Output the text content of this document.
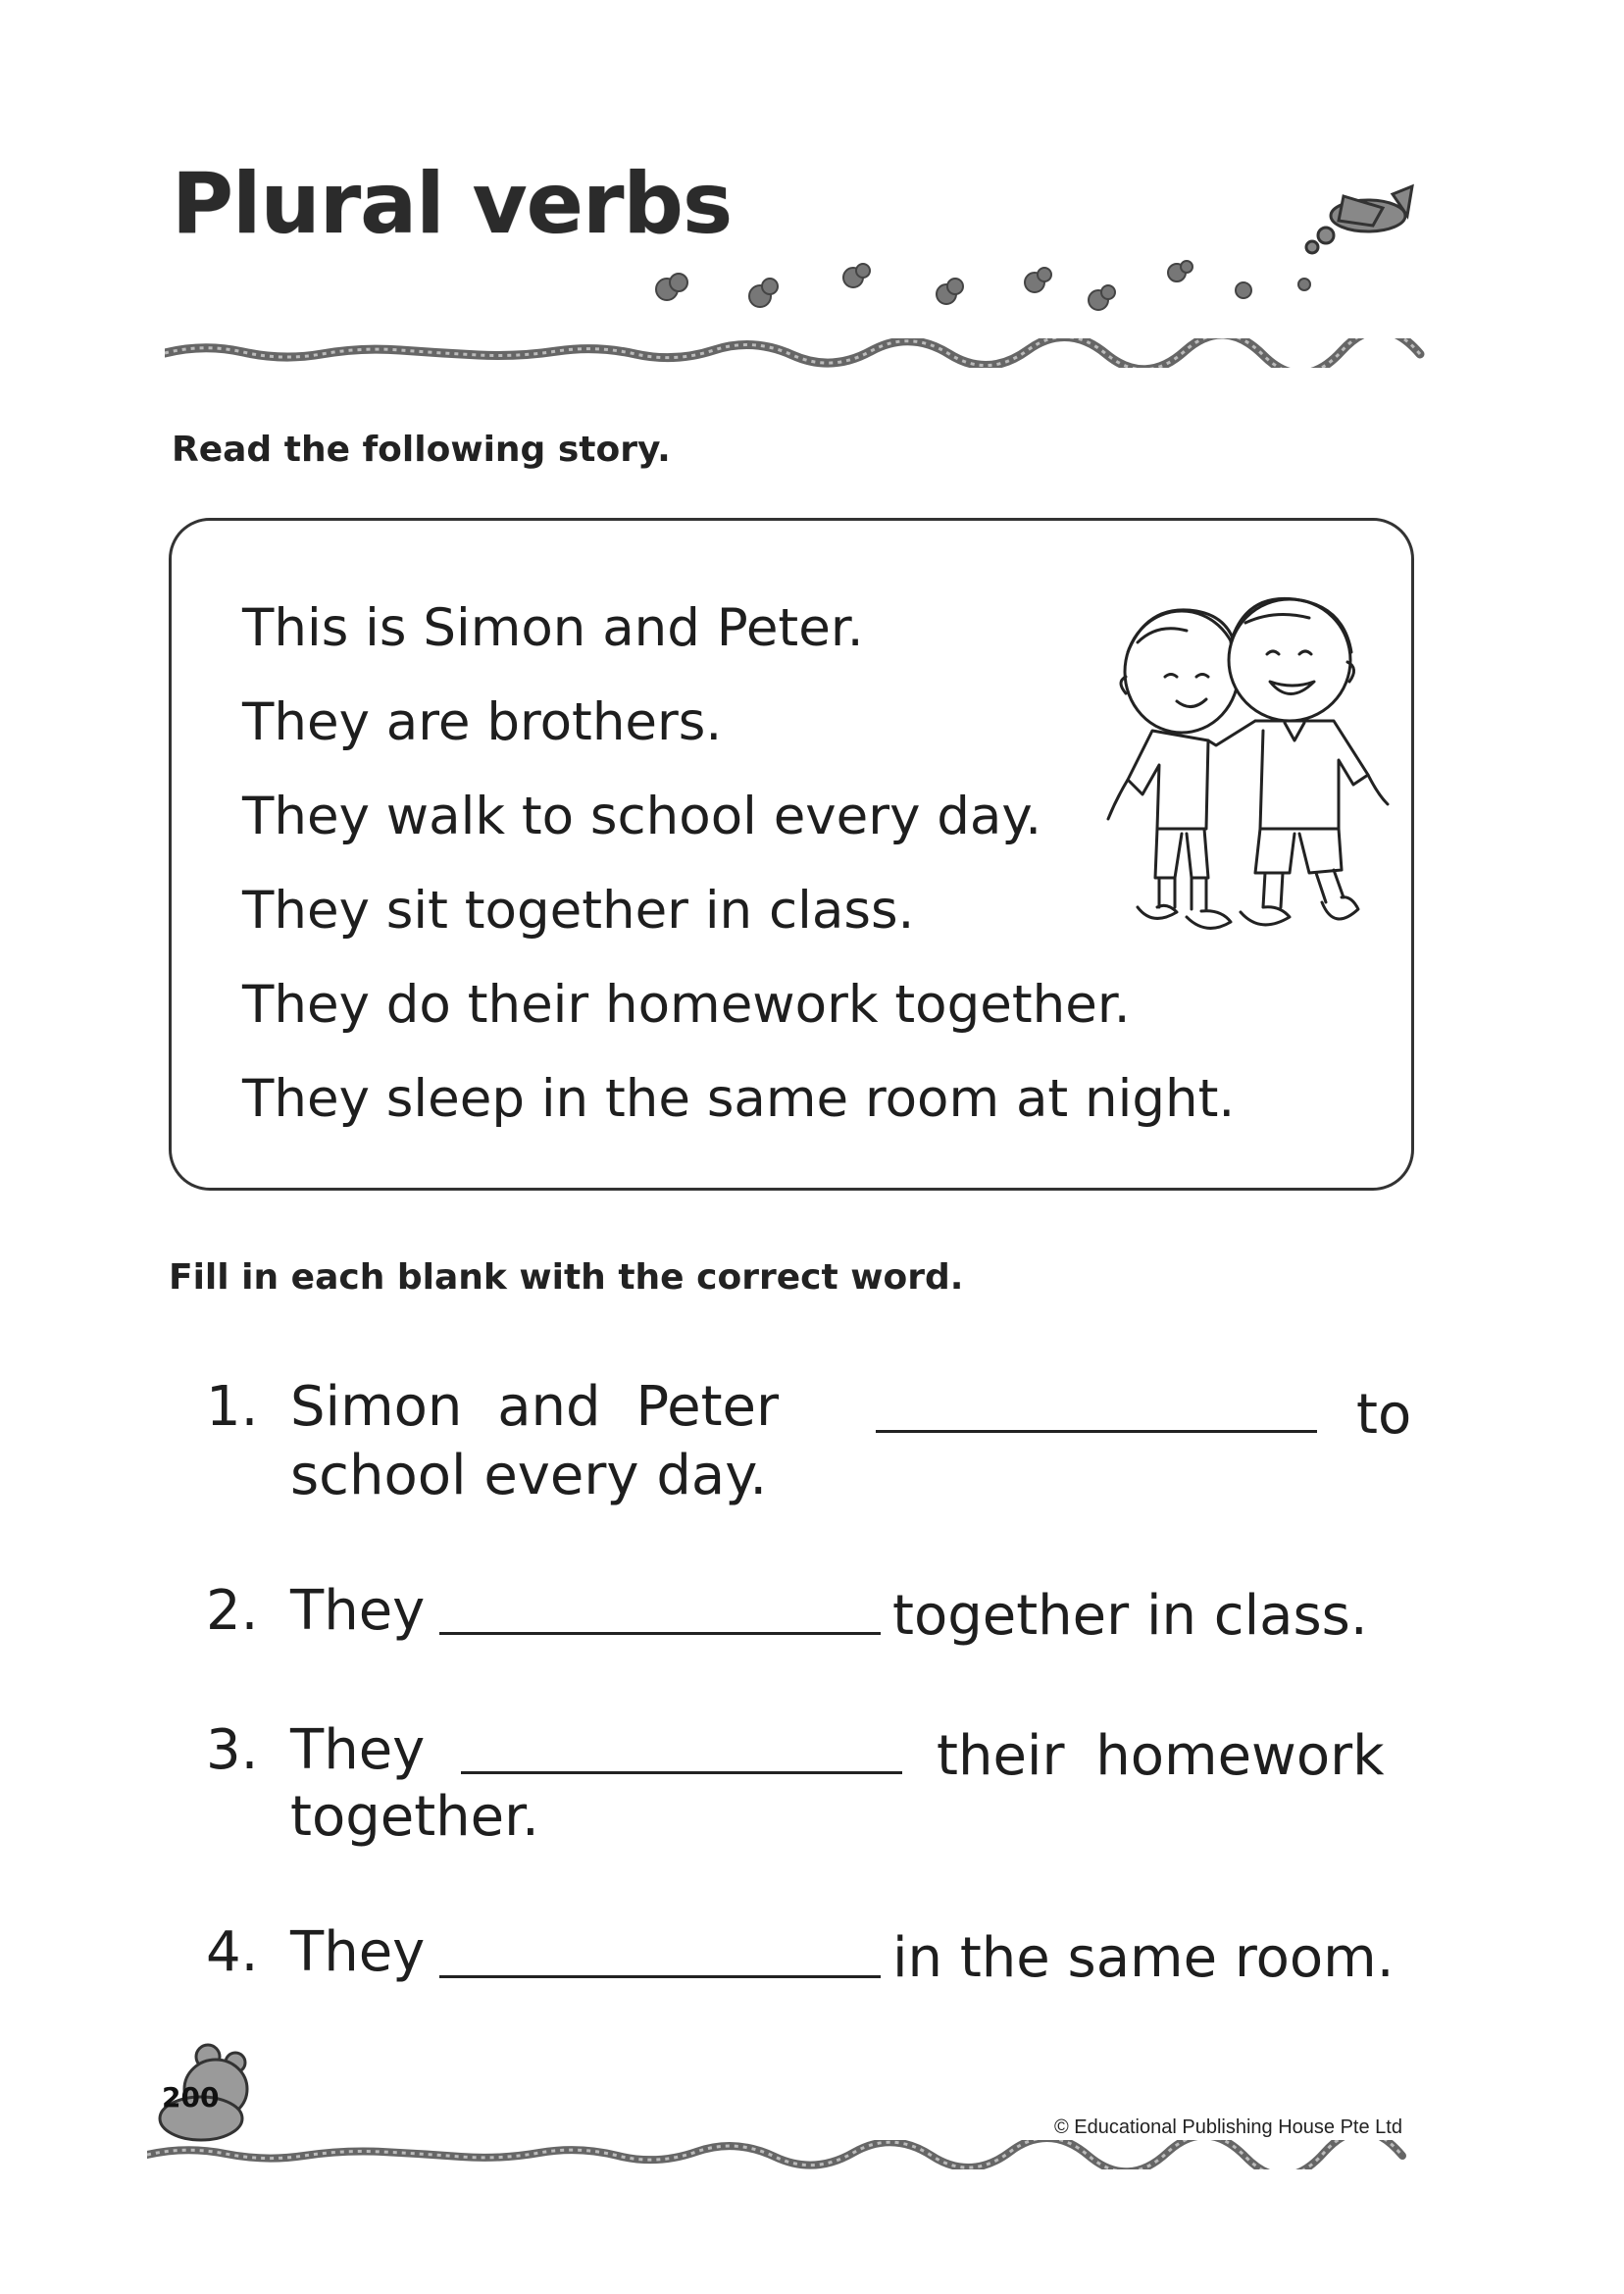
Plural verbs
Read the following story.
This is Simon and Peter.
They are brothers.
They walk to school every day.
They sit together in class.
They do their homework together.
They sleep in the same room at night.
Fill in each blank with the correct word.
1. Simon and Peter	to
school every day.
2. They	together in class.
3. They	their homework
together.
4. They	in the same room.
200
© Educational Publishing House Pte Ltd
